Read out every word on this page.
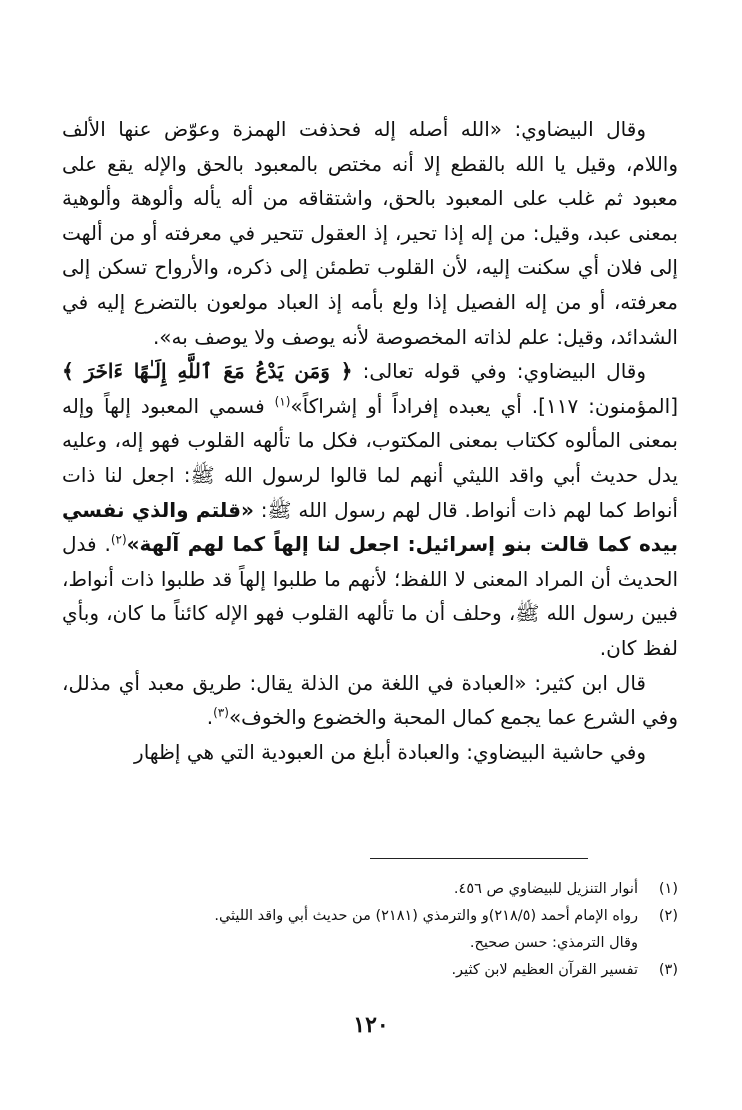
وقال البيضاوي: «الله أصله إله فحذفت الهمزة وعوّض عنها الألف واللام، وقيل يا الله بالقطع إلا أنه مختص بالمعبود بالحق والإله يقع على معبود ثم غلب على المعبود بالحق، واشتقاقه من أله يأله وألوهة وألوهية بمعنى عبد، وقيل: من إله إذا تحير، إذ العقول تتحير في معرفته أو من ألهت إلى فلان أي سكنت إليه، لأن القلوب تطمئن إلى ذكره، والأرواح تسكن إلى معرفته، أو من إله الفصيل إذا ولع بأمه إذ العباد مولعون بالتضرع إليه في الشدائد، وقيل: علم لذاته المخصوصة لأنه يوصف ولا يوصف به».

وقال البيضاوي: وفي قوله تعالى: ﴿ وَمَن يَدْعُ مَعَ ٱللَّهِ إِلَـٰهًا ءَاخَرَ ﴾ [المؤمنون: ١١٧]. أي يعبده إفراداً أو إشراكاً»$^{(١)}$ فسمي المعبود إلهاً وإله بمعنى المألوه ككتاب بمعنى المكتوب، فكل ما تألهه القلوب فهو إله، وعليه يدل حديث أبي واقد الليثي أنهم لما قالوا لرسول الله ﷺ: اجعل لنا ذات أنواط كما لهم ذات أنواط. قال لهم رسول الله ﷺ: «قلتم والذي نفسي بيده كما قالت بنو إسرائيل: اجعل لنا إلهاً كما لهم آلهة»$^{(٢)}$. فدل الحديث أن المراد المعنى لا اللفظ؛ لأنهم ما طلبوا إلهاً قد طلبوا ذات أنواط، فبين رسول الله ﷺ، وحلف أن ما تألهه القلوب فهو الإله كائناً ما كان، وبأي لفظ كان.

قال ابن كثير: «العبادة في اللغة من الذلة يقال: طريق معبد أي مذلل، وفي الشرع عما يجمع كمال المحبة والخضوع والخوف»$^{(٣)}$.

وفي حاشية البيضاوي: والعبادة أبلغ من العبودية التي هي إظهار

(١)
أنوار التنزيل للبيضاوي ص ٤٥٦.
(٢)
رواه الإمام أحمد (٢١٨/٥)و والترمذي (٢١٨١) من حديث أبي واقد الليثي.
وقال الترمذي: حسن صحيح.
(٣)
تفسير القرآن العظيم لابن كثير.
١٢٠
